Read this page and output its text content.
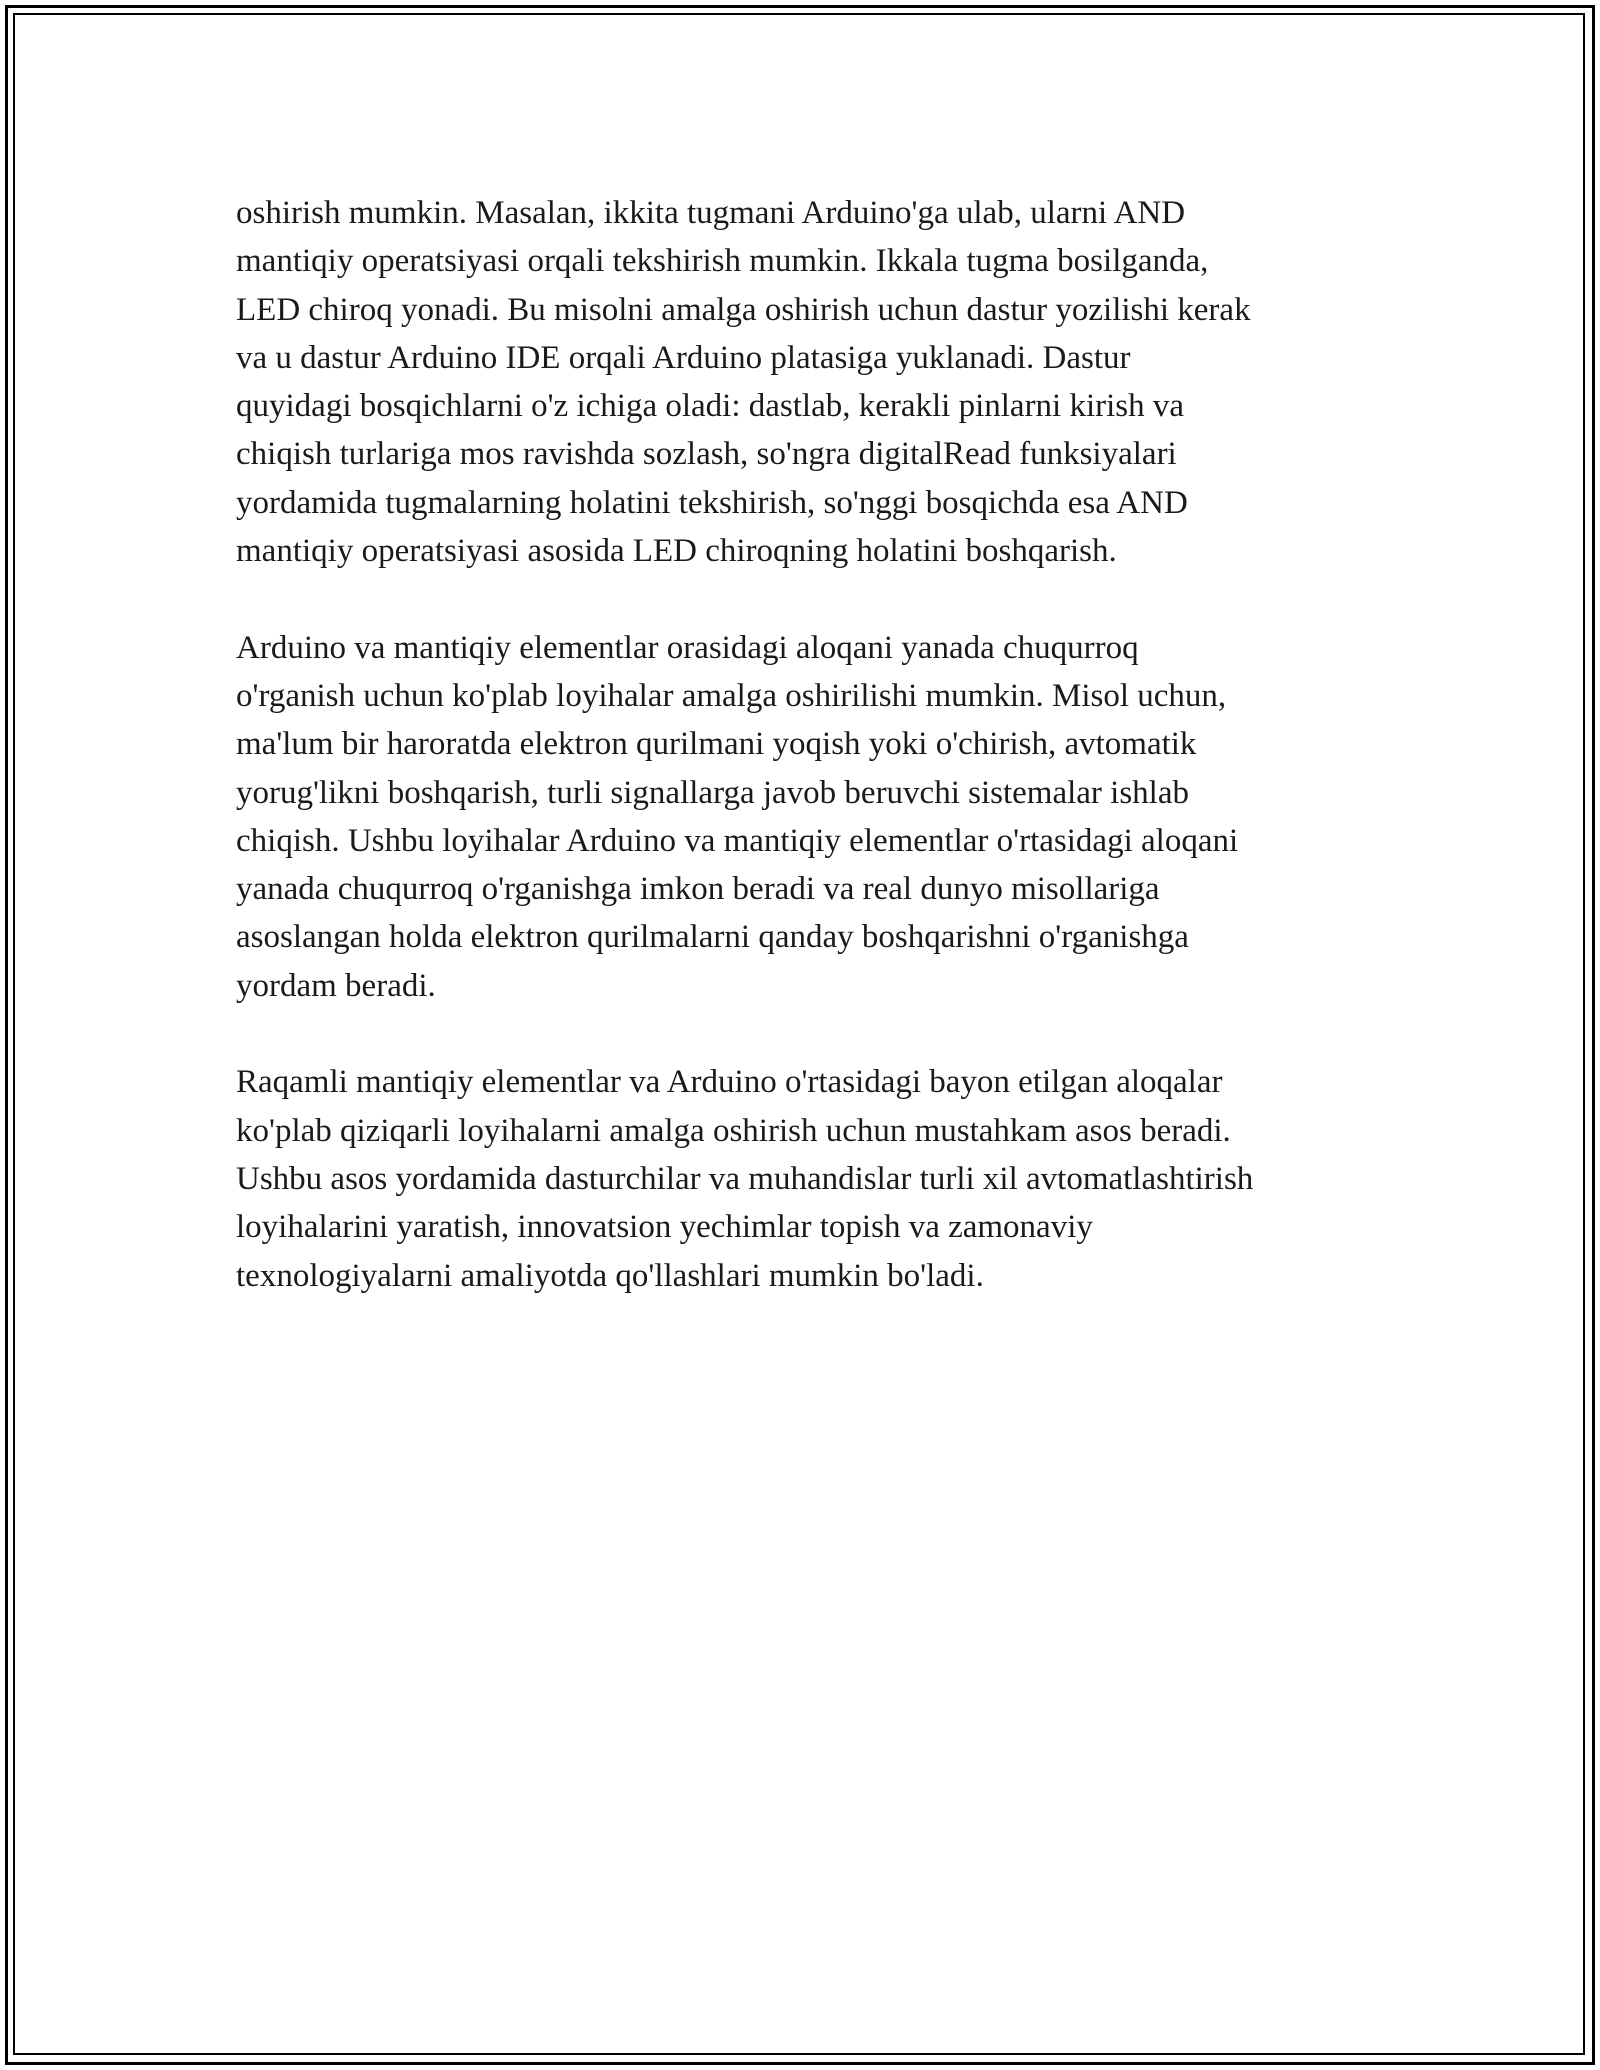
oshirish mumkin. Masalan, ikkita tugmani Arduino'ga ulab, ularni AND
mantiqiy operatsiyasi orqali tekshirish mumkin. Ikkala tugma bosilganda,
LED chiroq yonadi. Bu misolni amalga oshirish uchun dastur yozilishi kerak
va u dastur Arduino IDE orqali Arduino platasiga yuklanadi. Dastur
quyidagi bosqichlarni o'z ichiga oladi: dastlab, kerakli pinlarni kirish va
chiqish turlariga mos ravishda sozlash, so'ngra digitalRead funksiyalari
yordamida tugmalarning holatini tekshirish, so'nggi bosqichda esa AND
mantiqiy operatsiyasi asosida LED chiroqning holatini boshqarish.

Arduino va mantiqiy elementlar orasidagi aloqani yanada chuqurroq
o'rganish uchun ko'plab loyihalar amalga oshirilishi mumkin. Misol uchun,
ma'lum bir haroratda elektron qurilmani yoqish yoki o'chirish, avtomatik
yorug'likni boshqarish, turli signallarga javob beruvchi sistemalar ishlab
chiqish. Ushbu loyihalar Arduino va mantiqiy elementlar o'rtasidagi aloqani
yanada chuqurroq o'rganishga imkon beradi va real dunyo misollariga
asoslangan holda elektron qurilmalarni qanday boshqarishni o'rganishga
yordam beradi.

Raqamli mantiqiy elementlar va Arduino o'rtasidagi bayon etilgan aloqalar
ko'plab qiziqarli loyihalarni amalga oshirish uchun mustahkam asos beradi.
Ushbu asos yordamida dasturchilar va muhandislar turli xil avtomatlashtirish
loyihalarini yaratish, innovatsion yechimlar topish va zamonaviy
texnologiyalarni amaliyotda qo'llashlari mumkin bo'ladi.
